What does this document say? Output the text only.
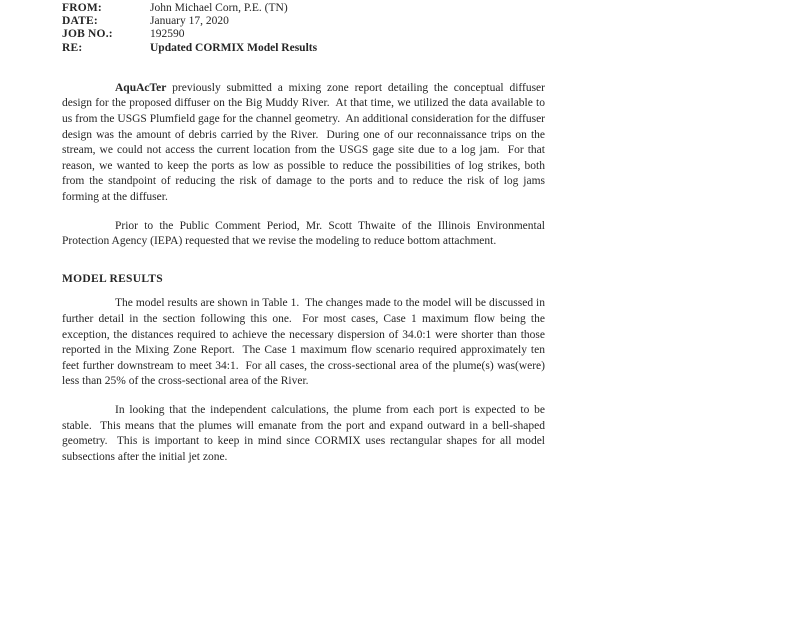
FROM:	John Michael Corn, P.E. (TN)
DATE:	January 17, 2020
JOB NO.:	192590
RE:	Updated CORMIX Model Results

AquAcTer previously submitted a mixing zone report detailing the conceptual diffuser design for the proposed diffuser on the Big Muddy River.  At that time, we utilized the data available to us from the USGS Plumfield gage for the channel geometry.  An additional consideration for the diffuser design was the amount of debris carried by the River.  During one of our reconnaissance trips on the stream, we could not access the current location from the USGS gage site due to a log jam.  For that reason, we wanted to keep the ports as low as possible to reduce the possibilities of log strikes, both from the standpoint of reducing the risk of damage to the ports and to reduce the risk of log jams forming at the diffuser.

Prior to the Public Comment Period, Mr. Scott Thwaite of the Illinois Environmental Protection Agency (IEPA) requested that we revise the modeling to reduce bottom attachment.

MODEL RESULTS

The model results are shown in Table 1.  The changes made to the model will be discussed in further detail in the section following this one.  For most cases, Case 1 maximum flow being the exception, the distances required to achieve the necessary dispersion of 34.0:1 were shorter than those reported in the Mixing Zone Report.  The Case 1 maximum flow scenario required approximately ten feet further downstream to meet 34:1.  For all cases, the cross-sectional area of the plume(s) was(were) less than 25% of the cross-sectional area of the River.

In looking that the independent calculations, the plume from each port is expected to be stable.  This means that the plumes will emanate from the port and expand outward in a bell-shaped geometry.  This is important to keep in mind since CORMIX uses rectangular shapes for all model subsections after the initial jet zone.
